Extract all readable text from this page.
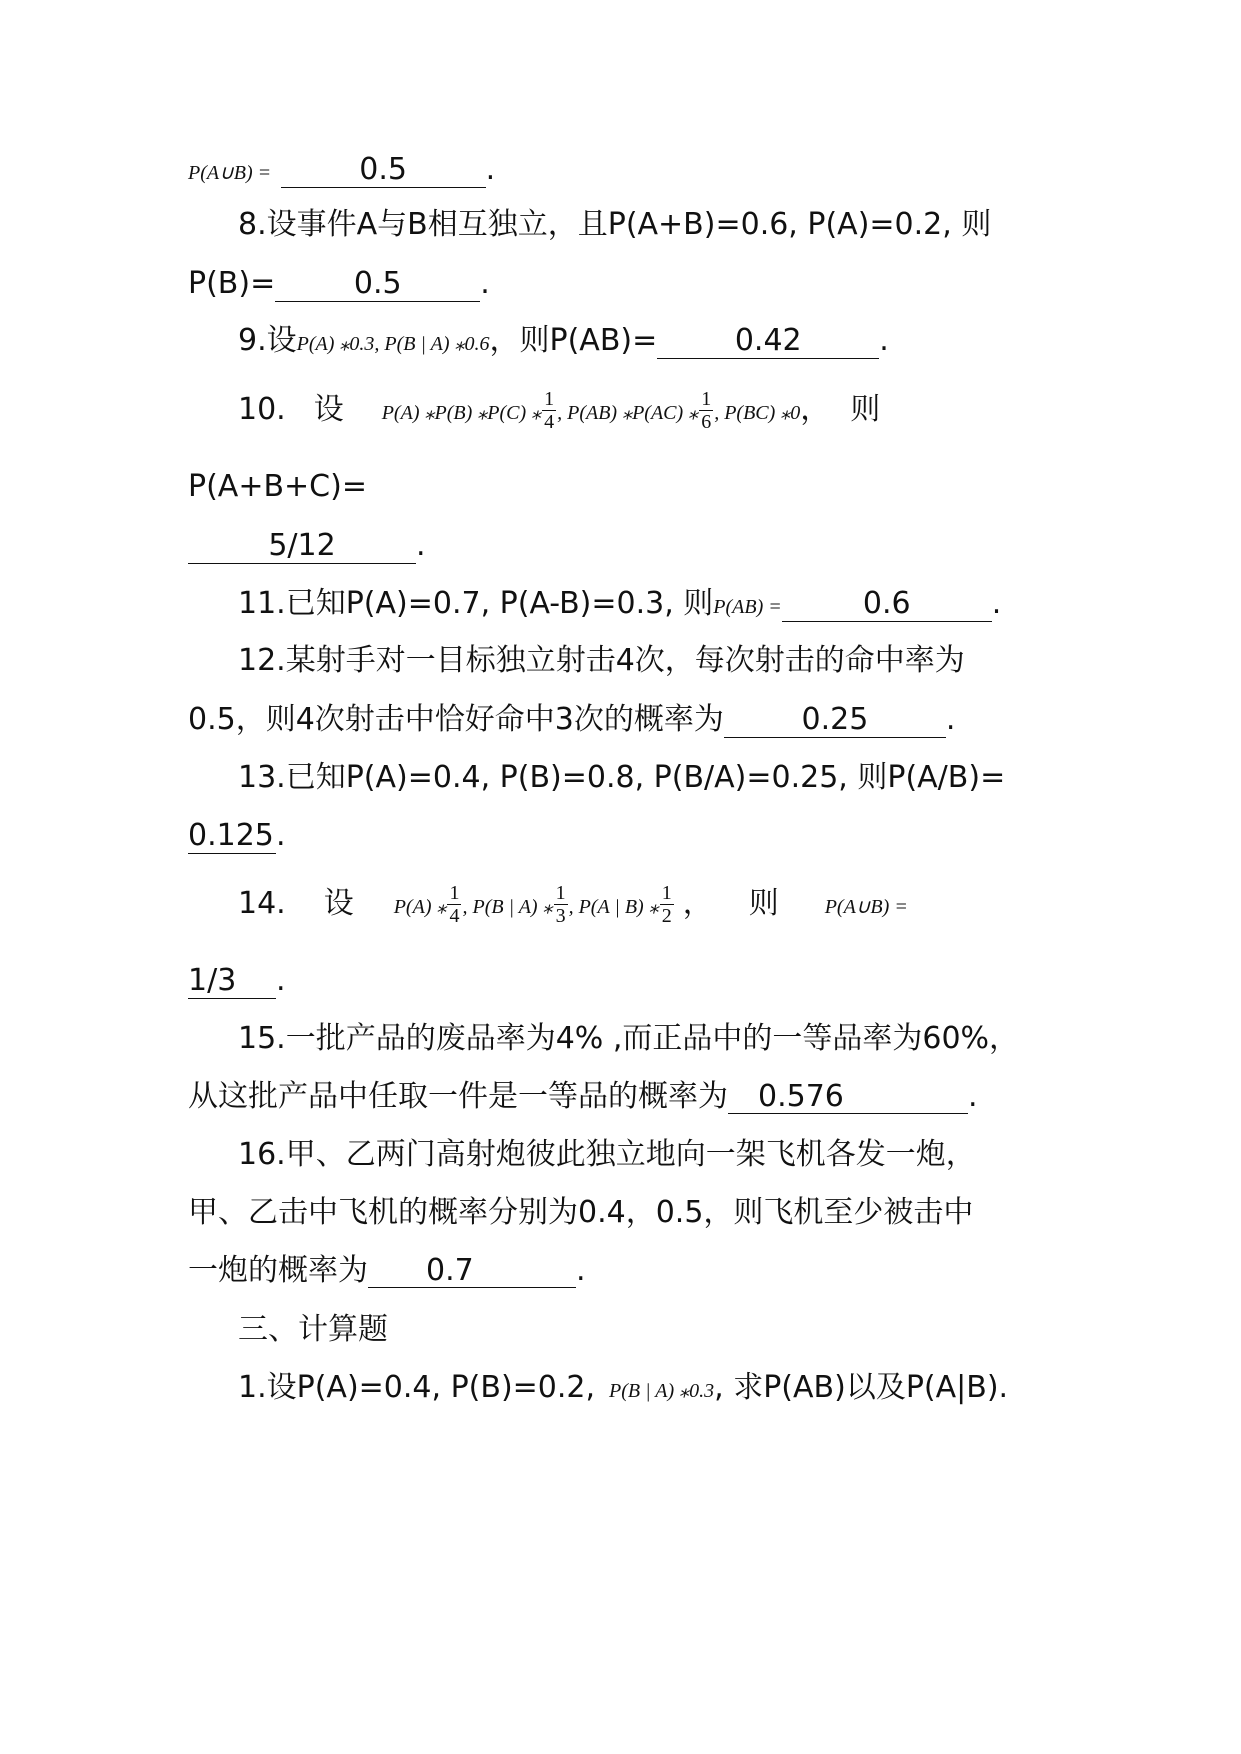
P(A∪B) =	0.5	.
8.设事件A与B相互独立，且P(A+B)=0.6, P(A)=0.2, 则
P(B)=	0.5	.
9.设P(A) ⁎0.3, P(B | A) ⁎0.6，则P(AB)=	0.42	.
10. 设 P(A) ⁎P(B) ⁎P(C) ⁎ $\frac{1}{4}$ , P(AB) ⁎P(AC) ⁎ $\frac{1}{6}$ , P(BC) ⁎0， 则
P(A+B+C)=
5/12	.
11.已知P(A)=0.7, P(A-B)=0.3, 则P(AB) =	0.6	.
12.某射手对一目标独立射击4次，每次射击的命中率为
0.5，则4次射击中恰好命中3次的概率为	0.25	.
13.已知P(A)=0.4, P(B)=0.8, P(B/A)=0.25, 则P(A/B)=
0.125.
14. 设 P(A) ⁎ $\frac{1}{4}$ , P(B | A) ⁎ $\frac{1}{3}$ , P(A | B) ⁎ $\frac{1}{2}$ ， 则 P(A∪B) =
1/3 .
15.一批产品的废品率为4% ,而正品中的一等品率为60%，
从这批产品中任取一件是一等品的概率为 0.576	.
16.甲、乙两门高射炮彼此独立地向一架飞机各发一炮，
甲、乙击中飞机的概率分别为0.4，0.5，则飞机至少被击中
一炮的概率为 0.7	.
三、计算题
1.设P(A)=0.4, P(B)=0.2, P(B | A) ⁎0.3, 求P(AB)以及P(A|B).
